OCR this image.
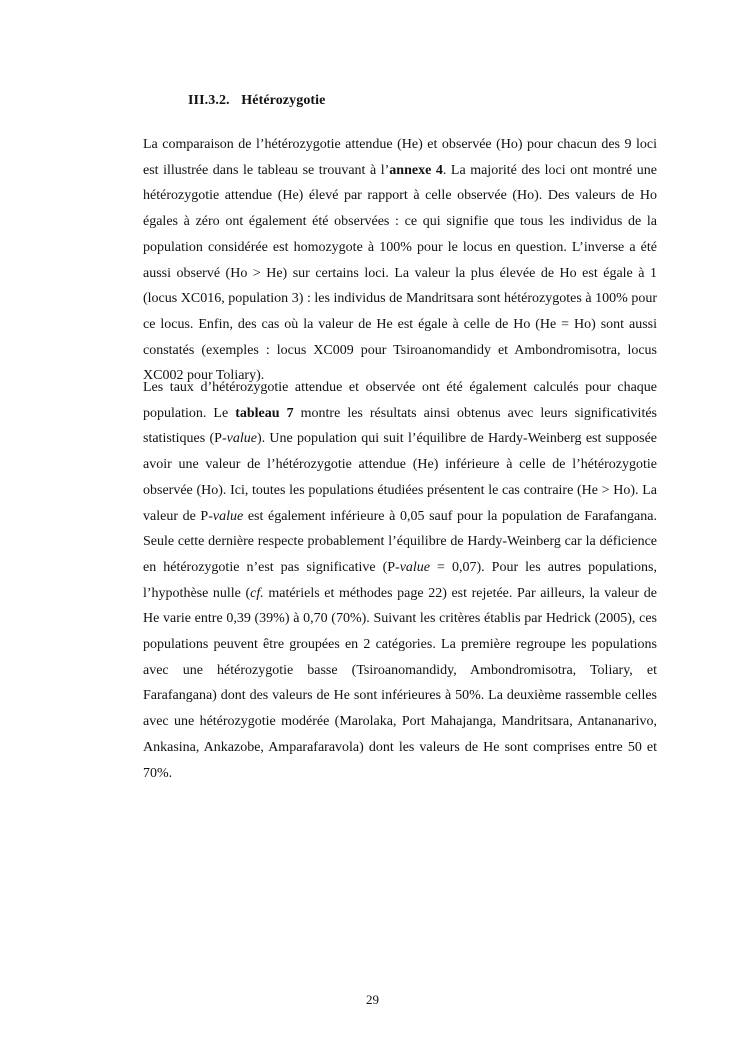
III.3.2. Hétérozygotie

La comparaison de l’hétérozygotie attendue (He) et observée (Ho) pour chacun des 9 loci est illustrée dans le tableau se trouvant à l’annexe 4. La majorité des loci ont montré une hétérozygotie attendue (He) élevé par rapport à celle observée (Ho). Des valeurs de Ho égales à zéro ont également été observées : ce qui signifie que tous les individus de la population considérée est homozygote à 100% pour le locus en question. L’inverse a été aussi observé (Ho > He) sur certains loci. La valeur la plus élevée de Ho est égale à 1 (locus XC016, population 3) : les individus de Mandritsara sont hétérozygotes à 100% pour ce locus. Enfin, des cas où la valeur de He est égale à celle de Ho (He = Ho) sont aussi constatés (exemples : locus XC009 pour Tsiroanomandidy et Ambondromisotra, locus XC002 pour Toliary).

Les taux d’hétérozygotie attendue et observée ont été également calculés pour chaque population. Le tableau 7 montre les résultats ainsi obtenus avec leurs significativités statistiques (P-value). Une population qui suit l’équilibre de Hardy-Weinberg est supposée avoir une valeur de l’hétérozygotie attendue (He) inférieure à celle de l’hétérozygotie observée (Ho). Ici, toutes les populations étudiées présentent le cas contraire (He > Ho). La valeur de P-value est également inférieure à 0,05 sauf pour la population de Farafangana. Seule cette dernière respecte probablement l’équilibre de Hardy-Weinberg car la déficience en hétérozygotie n’est pas significative (P-value = 0,07). Pour les autres populations, l’hypothèse nulle (cf. matériels et méthodes page 22) est rejetée. Par ailleurs, la valeur de He varie entre 0,39 (39%) à 0,70 (70%). Suivant les critères établis par Hedrick (2005), ces populations peuvent être groupées en 2 catégories. La première regroupe les populations avec une hétérozygotie basse (Tsiroanomandidy, Ambondromisotra, Toliary, et Farafangana) dont des valeurs de He sont inférieures à 50%. La deuxième rassemble celles avec une hétérozygotie modérée (Marolaka, Port Mahajanga, Mandritsara, Antananarivo, Ankasina, Ankazobe, Amparafaravola) dont les valeurs de He sont comprises entre 50 et 70%.

29
